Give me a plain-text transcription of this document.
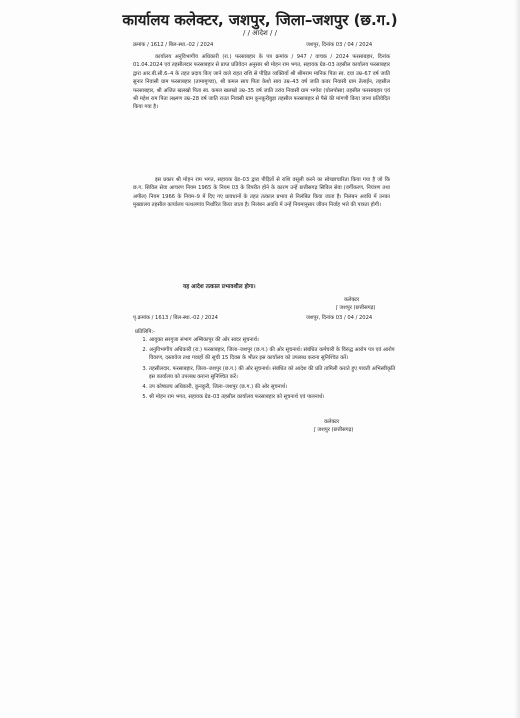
कार्यालय कलेक्टर, जशपुर, जिला–जशपुर (छ.ग.)
/ / आदेश / /
क्रमांक / 1612 / बिल-स्था.-02 / 2024	जशपुर, दिनांक 03 / 04 / 2024
कार्यालय अनुविभागीय अधिकारी (रा.) फरसाबहार के पत्र क्रमांक / 947 / वाचक / 2024 फरसाबहार, दिनांक 01.04.2024 एवं तहसीलदार फरसाबहार से प्राप्त प्रतिवेदन अनुसार श्री मोहन राम भगत, सहायक ग्रेड–03 तहसील कार्यालय फरसाबहार द्वारा आर.बी.सी.6–4 के तहत प्रदाय किए जाने वाले राहत राशि से पीड़ित व्यक्तियों श्री श्रीमराम मानिक पिता स्व. दया उम्र–67 वर्ष जाति सुनार निवासी ग्राम फरसाबहार (तामामुण्डा), श्री कमल साय पिता केशो साय उम्र–43 वर्ष जाति कवर निवासी ग्राम तेलाईन, तहसील फरसाबहार, श्री अजित खलखो पिता स्व. कमल खलखो उम्र–35 वर्ष जाति उरांव निवासी ग्राम भगोरा (घोलपोसा) तहसील फरसाबहार एवं श्री महेश राम पिता लक्ष्मण उम्र–28 वर्ष जाति राउत निवासी ग्राम कुनकुरीबुड़ा तहसील फरसाबहार से पैसे की मांगणी किया जाना प्रतिवेदित किया गया है।
इस प्रकार श्री मोहन राम भगत, सहायक ग्रेड–03 द्वारा पीड़ितों से राशि वसूली करने का स्वेच्छाचारिता किया गया है जो कि छ.ग. सिविल सेवा आचरण नियम 1965 के नियम 03 के विपरीत होने के कारण उन्हें छत्तीसगढ़ सिविल सेवा (वर्गीकरण, नियंत्रण तथा अपील) नियम 1966 के नियम–9 में दिए गए प्रावधानों के तहत तत्काल प्रभाव से निलंबित किया जाता है। निलंबन अवधि में उनका मुख्यालय तहसील कार्यालय पत्थलगांव निर्धारित किया जाता है। निलंबन अवधि में उन्हें नियमानुसार जीवन निर्वाह भत्ते की पात्रता होगी।
यह आदेश तत्काल प्रभावशील होगा।
कलेक्टर
ʃ जशपुर (छत्तीसगढ़)
पृ.क्रमांक / 1613 / बिल-स्था.-02 / 2024	जशपुर, दिनांक 03 / 04 / 2024
प्रतिलिपि:-
1. आयुक्त सरगुजा संभाग अम्बिकापुर की ओर सादर सूचनार्थ।
2. अनुविभागीय अधिकारी (रा.) फरसाबहार, जिला–जशपुर (छ.ग.) की ओर सूचनार्थ। संबंधित कर्मचारी के विरुद्ध आरोप पत्र एवं आरोप विवरण, दस्तावेज तथा गवाहों की सूची 15 दिवस के भीतर इस कार्यालय को उपलब्ध कराना सुनिश्चित करें।
3. तहसीलदार, फरसाबहार, जिला–जशपुर (छ.ग.) की ओर सूचनार्थ। संबंधित को आदेश की प्रति तामिली कराते हुए पावती अभिस्वीकृति इस कार्यालय को उपलब्ध कराना सुनिश्चित करें।
4. उप कोषालय अधिकारी, कुनकुरी, जिला–जशपुर (छ.ग.) की ओर सूचनार्थ।
5. श्री मोहन राम भगत, सहायक ग्रेड–03 तहसील कार्यालय फरसाबहार को सूचनार्थ एवं पालनार्थ।
कलेक्टर
ʃ जशपुर (छत्तीसगढ़)
